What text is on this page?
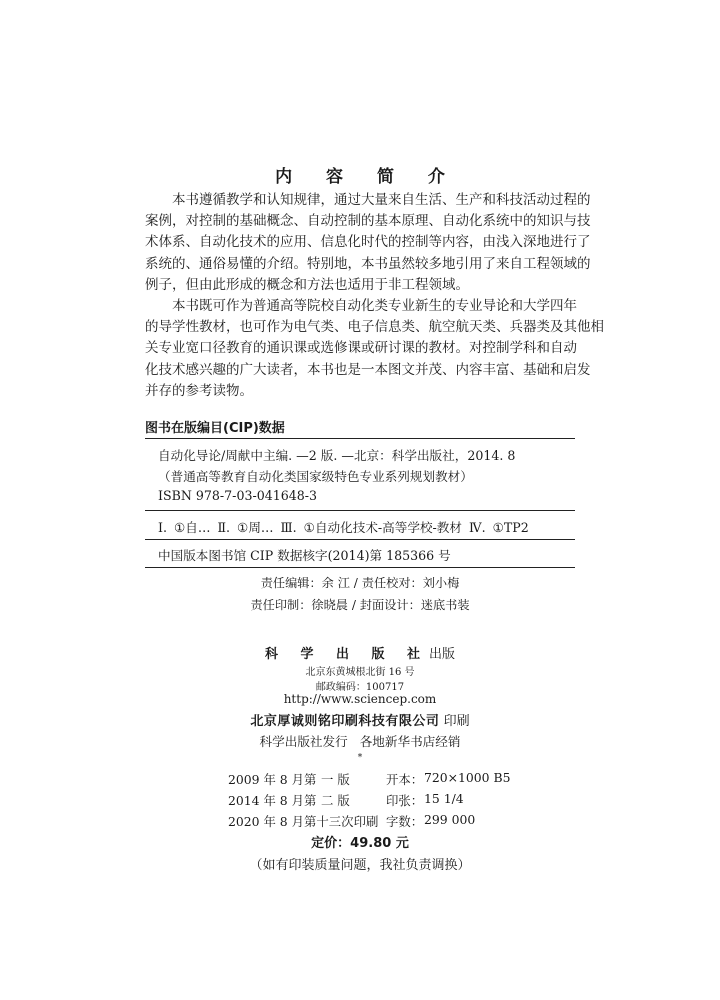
内 容 简 介
本书遵循教学和认知规律，通过大量来自生活、生产和科技活动过程的
案例，对控制的基础概念、自动控制的基本原理、自动化系统中的知识与技
术体系、自动化技术的应用、信息化时代的控制等内容，由浅入深地进行了
系统的、通俗易懂的介绍。特别地，本书虽然较多地引用了来自工程领域的
例子，但由此形成的概念和方法也适用于非工程领域。
本书既可作为普通高等院校自动化类专业新生的专业导论和大学四年
的导学性教材，也可作为电气类、电子信息类、航空航天类、兵器类及其他相
关专业宽口径教育的通识课或选修课或研讨课的教材。对控制学科和自动
化技术感兴趣的广大读者，本书也是一本图文并茂、内容丰富、基础和启发
并存的参考读物。
图书在版编目(CIP)数据
自动化导论/周献中主编. —2 版. —北京：科学出版社，2014. 8
（普通高等教育自动化类国家级特色专业系列规划教材）
ISBN 978-7-03-041648-3
Ⅰ. ①自… Ⅱ. ①周… Ⅲ. ①自动化技术-高等学校-教材 Ⅳ. ①TP2
中国版本图书馆 CIP 数据核字(2014)第 185366 号
责任编辑：余 江 / 责任校对：刘小梅
责任印制：徐晓晨 / 封面设计：迷底书装
科 学 出 版 社出版
北京东黄城根北街 16 号
邮政编码：100717
http://www.sciencep.com
北京厚诚则铭印刷科技有限公司 印刷
科学出版社发行 各地新华书店经销
*
2009 年 8 月第 一 版	开本： 720×1000 B5
2014 年 8 月第 二 版	印张： 15 1/4
2020 年 8 月第十三次印刷 字数： 299 000
定价：49.80 元
（如有印装质量问题，我社负责调换）
